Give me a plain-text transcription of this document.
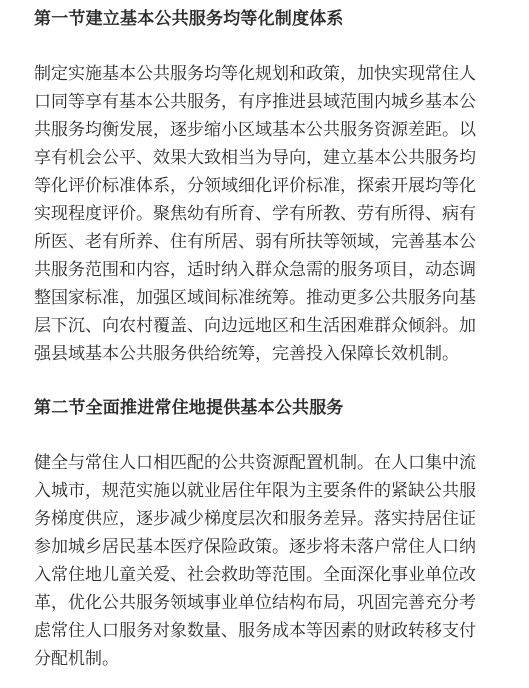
第一节建立基本公共服务均等化制度体系
制定实施基本公共服务均等化规划和政策，加快实现常住人
口同等享有基本公共服务，有序推进县域范围内城乡基本公
共服务均衡发展，逐步缩小区域基本公共服务资源差距。以
享有机会公平、效果大致相当为导向，建立基本公共服务均
等化评价标准体系，分领域细化评价标准，探索开展均等化
实现程度评价。聚焦幼有所育、学有所教、劳有所得、病有
所医、老有所养、住有所居、弱有所扶等领域，完善基本公
共服务范围和内容，适时纳入群众急需的服务项目，动态调
整国家标准，加强区域间标准统筹。推动更多公共服务向基
层下沉、向农村覆盖、向边远地区和生活困难群众倾斜。加
强县域基本公共服务供给统筹，完善投入保障长效机制。
第二节全面推进常住地提供基本公共服务
健全与常住人口相匹配的公共资源配置机制。在人口集中流
入城市，规范实施以就业居住年限为主要条件的紧缺公共服
务梯度供应，逐步减少梯度层次和服务差异。落实持居住证
参加城乡居民基本医疗保险政策。逐步将未落户常住人口纳
入常住地儿童关爱、社会救助等范围。全面深化事业单位改
革，优化公共服务领域事业单位结构布局，巩固完善充分考
虑常住人口服务对象数量、服务成本等因素的财政转移支付
分配机制。
